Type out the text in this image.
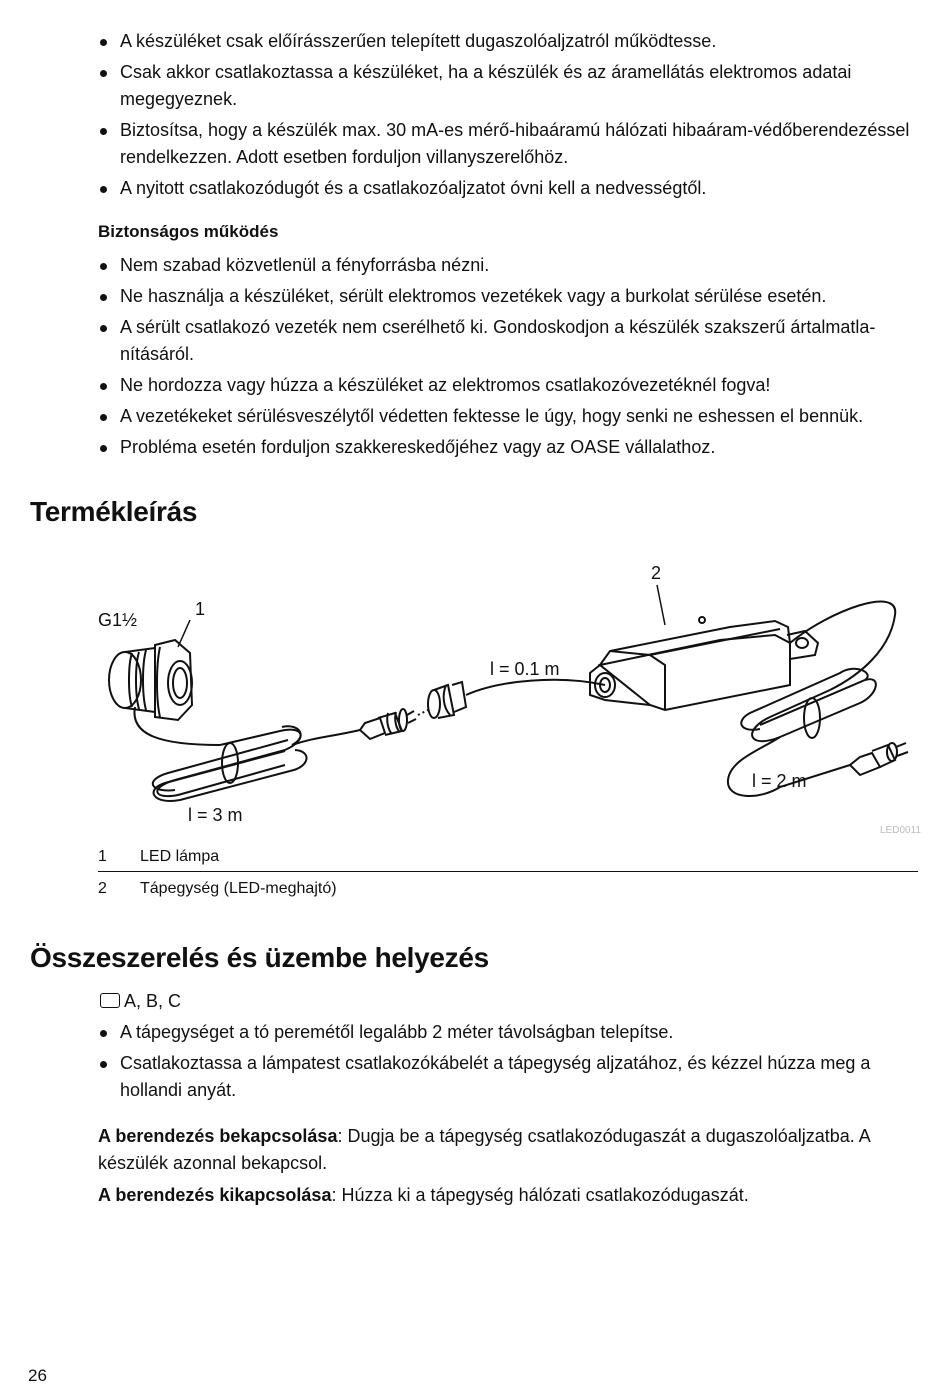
A készüléket csak előírásszerűen telepített dugaszolóaljzatról működtesse.
Csak akkor csatlakoztassa a készüléket, ha a készülék és az áramellátás elektromos adatai megegyeznek.
Biztosítsa, hogy a készülék max. 30 mA-es mérő-hibaáramú hálózati hibaáram-védőberendezéssel rendelkezzen. Adott esetben forduljon villanyszerelőhöz.
A nyitott csatlakozódugót és a csatlakozóaljzatot óvni kell a nedvességtől.
Biztonságos működés
Nem szabad közvetlenül a fényforrásba nézni.
Ne használja a készüléket, sérült elektromos vezetékek vagy a burkolat sérülése esetén.
A sérült csatlakozó vezeték nem cserélhető ki. Gondoskodjon a készülék szakszerű ártalmatlanításáról.
Ne hordozza vagy húzza a készüléket az elektromos csatlakozóvezetéknél fogva!
A vezetékeket sérülésveszélytől védetten fektesse le úgy, hogy senki ne eshessen el bennük.
Probléma esetén forduljon szakkereskedőjéhez vagy az OASE vállalathoz.
Termékleírás
G1½
1
2
l = 0.1 m
l = 3 m
l = 2 m
LED0011
1 LED lámpa
2 Tápegység (LED-meghajtó)
Összeszerelés és üzembe helyezés
A, B, C
A tápegységet a tó peremétől legalább 2 méter távolságban telepítse.
Csatlakoztassa a lámpatest csatlakozókábelét a tápegység aljzatához, és kézzel húzza meg a hollandi anyát.
A berendezés bekapcsolása: Dugja be a tápegység csatlakozódugaszát a dugaszolóaljzatba. A készülék azonnal bekapcsol.
A berendezés kikapcsolása: Húzza ki a tápegység hálózati csatlakozódugaszát.
26
